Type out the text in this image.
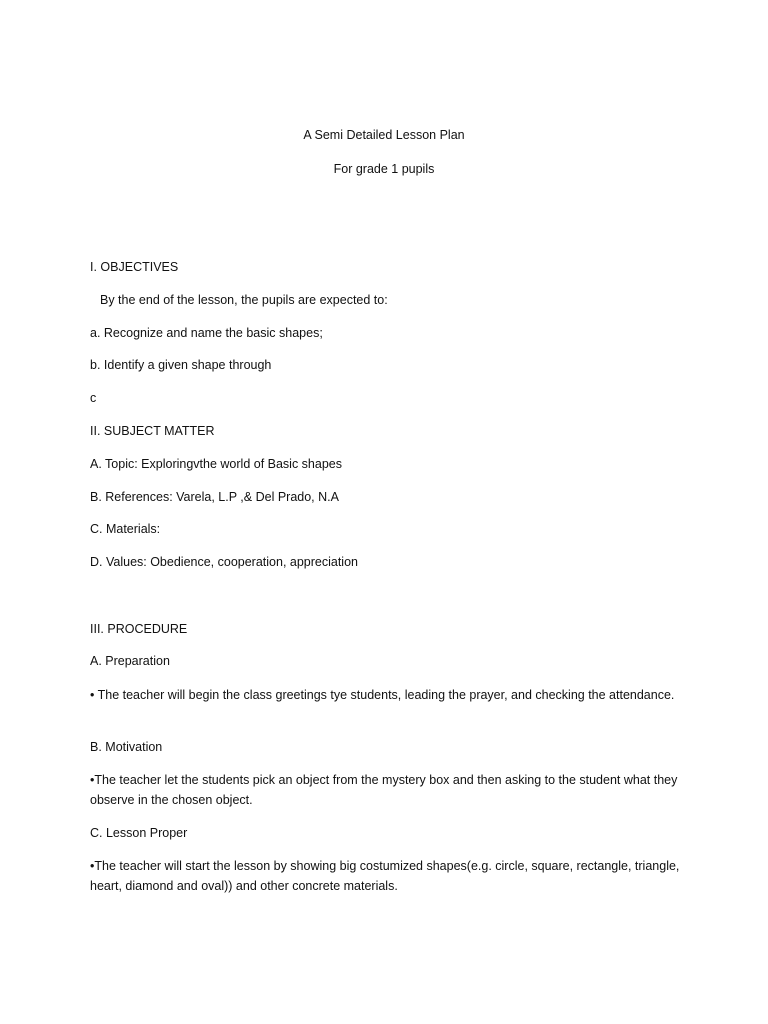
A Semi Detailed Lesson Plan
For grade 1 pupils
I. OBJECTIVES
By the end of the lesson, the pupils are expected to:
a. Recognize and name the basic shapes;
b. Identify a given shape through
c
II. SUBJECT MATTER
A. Topic: Exploringvthe world of Basic shapes
B. References: Varela, L.P ,& Del Prado, N.A
C. Materials:
D. Values: Obedience, cooperation, appreciation
III. PROCEDURE
A. Preparation
• The teacher will begin the class greetings tye students, leading the prayer, and checking the attendance.
B. Motivation
•The teacher let the students pick an object from the mystery box and then asking to the student what they observe in the chosen object.
C. Lesson Proper
•The teacher will start the lesson by showing big costumized shapes(e.g. circle, square, rectangle, triangle, heart, diamond and oval)) and other concrete materials.
